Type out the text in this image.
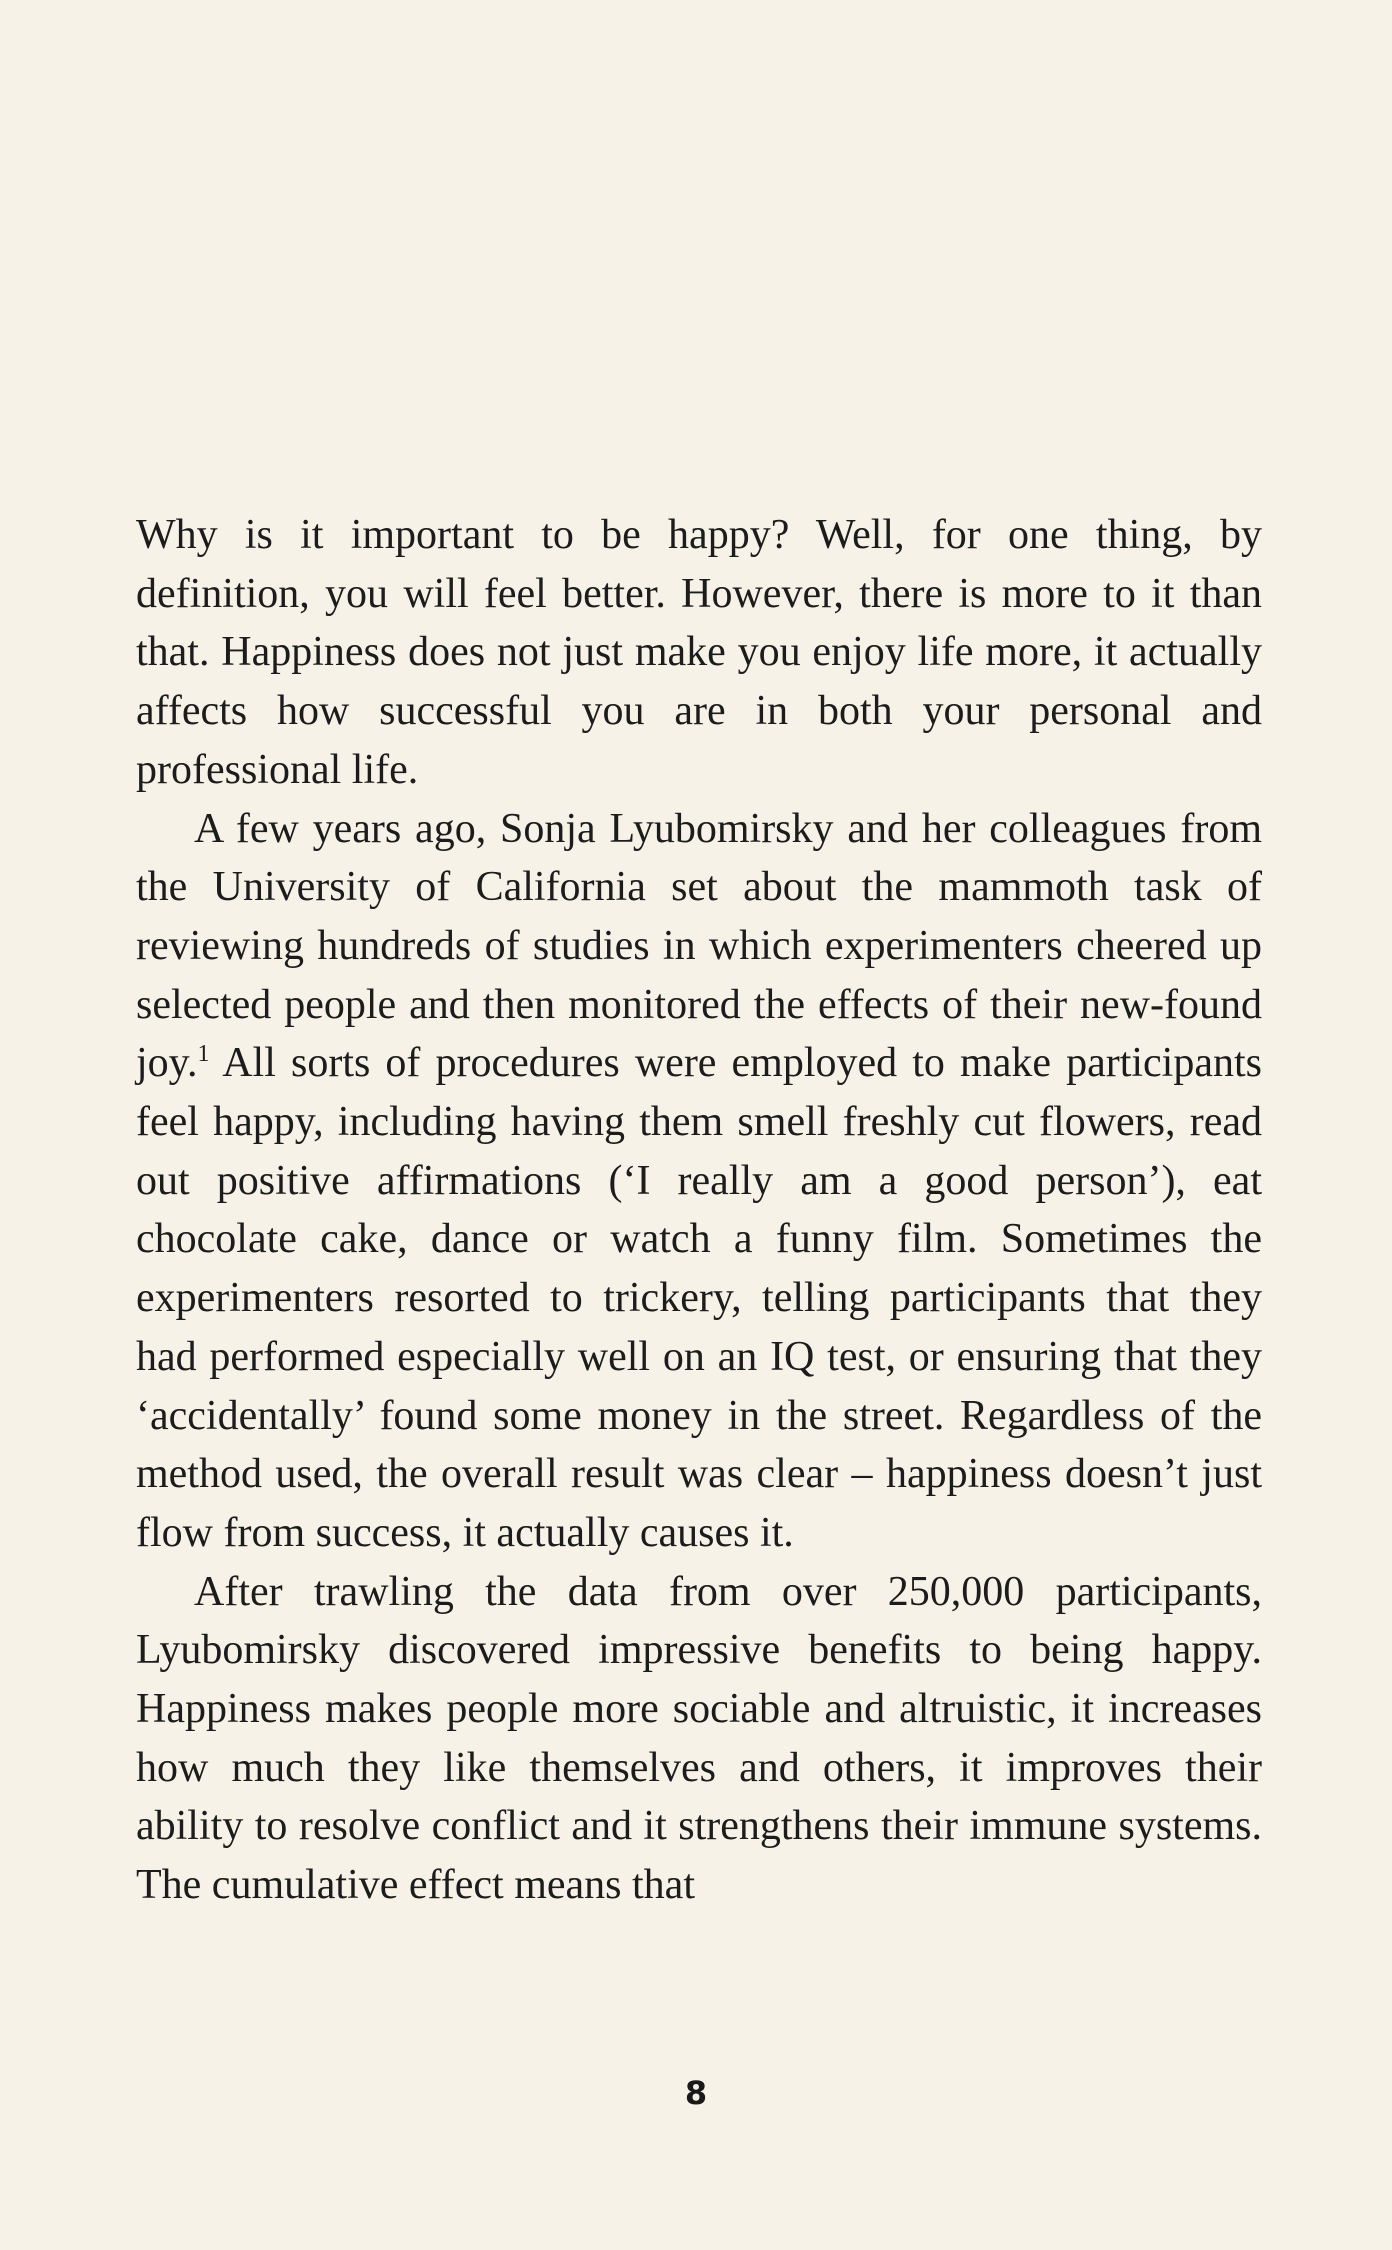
Why is it important to be happy? Well, for one thing, by definition, you will feel better. However, there is more to it than that. Happiness does not just make you enjoy life more, it actually affects how successful you are in both your personal and professional life.

A few years ago, Sonja Lyubomirsky and her colleagues from the University of California set about the mammoth task of reviewing hundreds of studies in which experimenters cheered up selected people and then monitored the effects of their new-found joy.$^1$ All sorts of procedures were employed to make participants feel happy, including having them smell freshly cut flowers, read out positive affirmations (‘I really am a good person’), eat chocolate cake, dance or watch a funny film. Sometimes the experimenters resorted to trickery, telling participants that they had performed especially well on an IQ test, or ensuring that they ‘accidentally’ found some money in the street. Regardless of the method used, the overall result was clear – happiness doesn’t just flow from success, it actually causes it.

After trawling the data from over 250,000 participants, Lyubomirsky discovered impressive benefits to being happy. Happiness makes people more sociable and altruistic, it increases how much they like themselves and others, it improves their ability to resolve conflict and it strengthens their immune systems. The cumulative effect means that

8
